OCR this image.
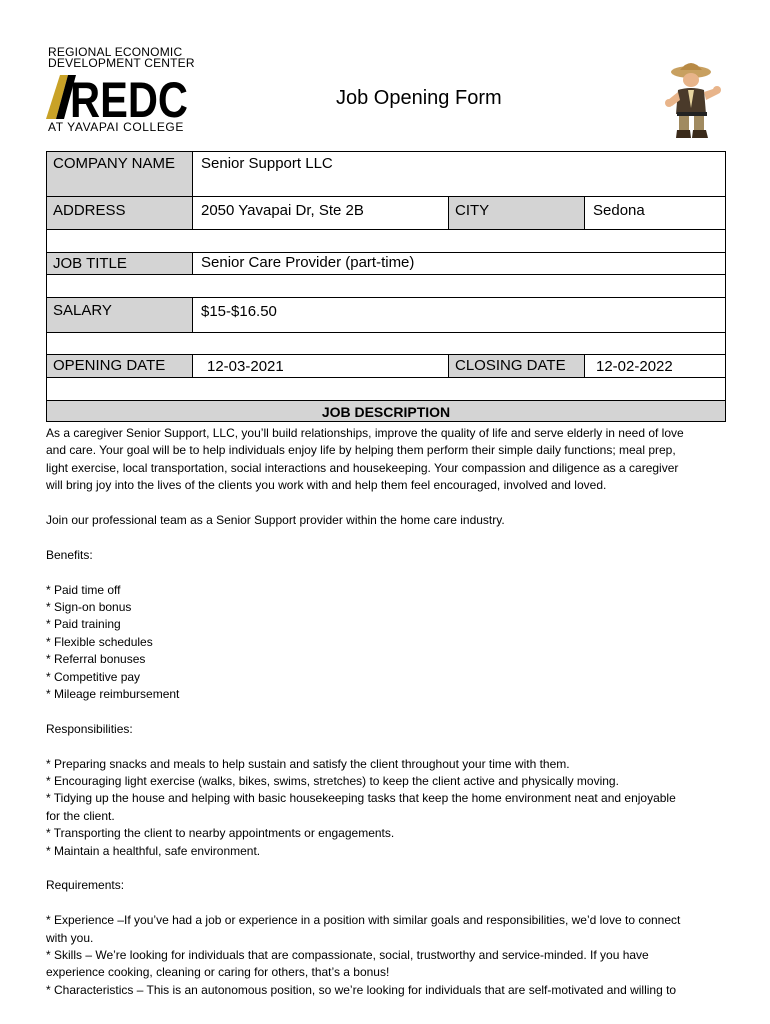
REGIONAL ECONOMIC
DEVELOPMENT CENTER
REDC
AT YAVAPAI COLLEGE
Job Opening Form
COMPANY NAME	Senior Support LLC
ADDRESS	2050 Yavapai Dr, Ste 2B	CITY	Sedona
JOB TITLE	Senior Care Provider (part-time)
SALARY	$15-$16.50
OPENING DATE	12-03-2021	CLOSING DATE	12-02-2022
JOB DESCRIPTION

As a caregiver Senior Support, LLC, you’ll build relationships, improve the quality of life and serve elderly in need of love

and care. Your goal will be to help individuals enjoy life by helping them perform their simple daily functions; meal prep,

light exercise, local transportation, social interactions and housekeeping. Your compassion and diligence as a caregiver

will bring joy into the lives of the clients you work with and help them feel encouraged, involved and loved.

Join our professional team as a Senior Support provider within the home care industry.

Benefits:

* Paid time off

* Sign-on bonus

* Paid training

* Flexible schedules

* Referral bonuses

* Competitive pay

* Mileage reimbursement

Responsibilities:

* Preparing snacks and meals to help sustain and satisfy the client throughout your time with them.

* Encouraging light exercise (walks, bikes, swims, stretches) to keep the client active and physically moving.

* Tidying up the house and helping with basic housekeeping tasks that keep the home environment neat and enjoyable

for the client.

* Transporting the client to nearby appointments or engagements.

* Maintain a healthful, safe environment.

Requirements:

* Experience –If you’ve had a job or experience in a position with similar goals and responsibilities, we’d love to connect

with you.

* Skills – We’re looking for individuals that are compassionate, social, trustworthy and service-minded. If you have

experience cooking, cleaning or caring for others, that’s a bonus!

* Characteristics – This is an autonomous position, so we’re looking for individuals that are self-motivated and willing to
